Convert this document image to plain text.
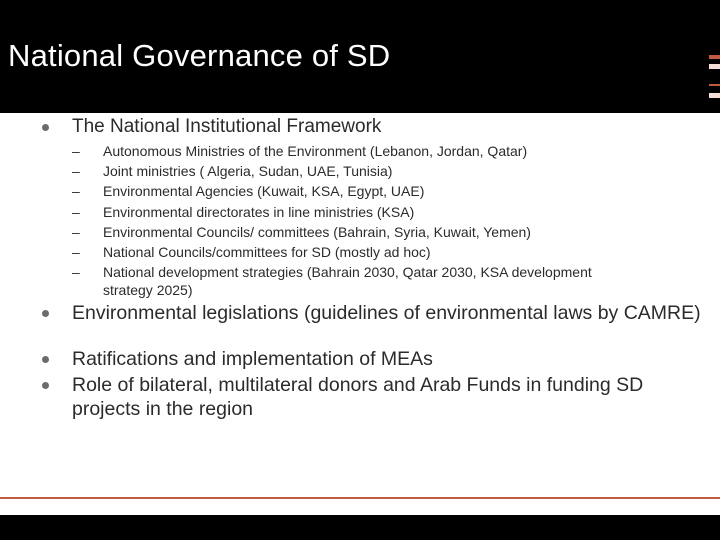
National Governance of SD
The National Institutional Framework
–	Autonomous Ministries of the Environment (Lebanon, Jordan, Qatar)
–	Joint ministries ( Algeria, Sudan, UAE, Tunisia)
–	Environmental Agencies (Kuwait, KSA, Egypt, UAE)
–	Environmental directorates in line ministries (KSA)
–	Environmental Councils/ committees (Bahrain, Syria, Kuwait, Yemen)
–	National Councils/committees for SD (mostly ad hoc)
–	National development strategies (Bahrain 2030, Qatar 2030, KSA development strategy 2025)
Environmental legislations (guidelines of environmental laws by CAMRE)
Ratifications and implementation of MEAs
Role of bilateral, multilateral donors and Arab Funds in funding SD projects in the region
